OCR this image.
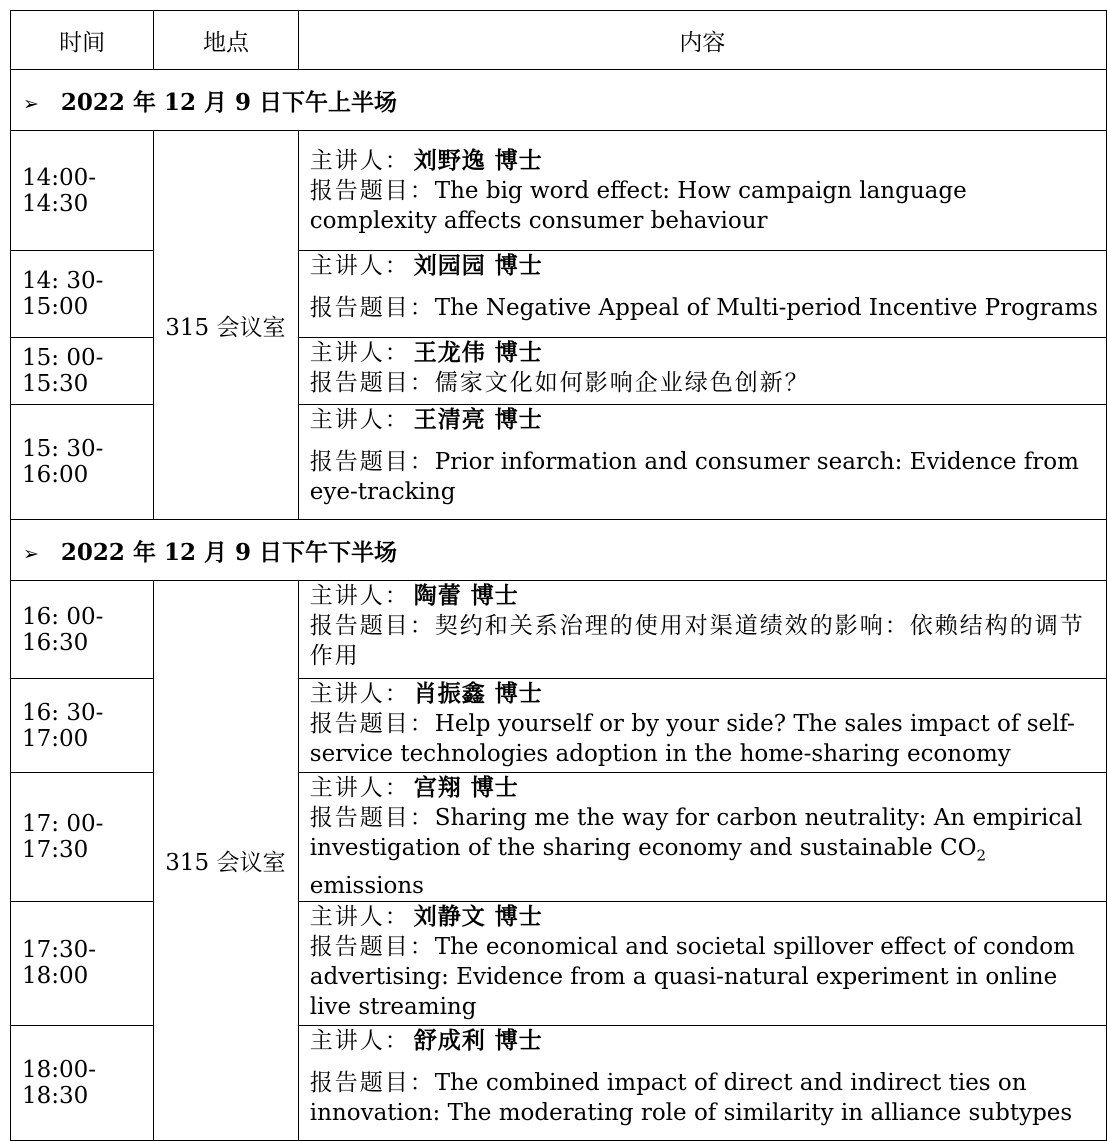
时间	地点	内容
➢ 2022 年 12 月 9 日下午上半场		
14:00-14:30	315 会议室	主讲人： 刘野逸 博士
报告题目：The big word effect: How campaign language complexity affects consumer behaviour

14: 30-15:00		主讲人： 刘园园 博士
报告题目：The Negative Appeal of Multi-period Incentive Programs

15: 00-15:30		主讲人： 王龙伟 博士
报告题目：儒家文化如何影响企业绿色创新？

15: 30-16:00		主讲人： 王清亮 博士
报告题目：Prior information and consumer search: Evidence from eye-tracking

➢ 2022 年 12 月 9 日下午下半场		
16: 00-16:30	315 会议室	主讲人： 陶蕾 博士
报告题目：契约和关系治理的使用对渠道绩效的影响：依赖结构的调节作用

16: 30-17:00		主讲人： 肖振鑫 博士
报告题目：Help yourself or by your side? The sales impact of self-service technologies adoption in the home-sharing economy

17: 00-17:30		主讲人： 宫翔 博士
报告题目：Sharing me the way for carbon neutrality: An empirical investigation of the sharing economy and sustainable $CO_2$ emissions

17:30-18:00		主讲人： 刘静文 博士
报告题目：The economical and societal spillover effect of condom advertising: Evidence from a quasi-natural experiment in online live streaming

18:00-18:30		主讲人： 舒成利 博士
报告题目：The combined impact of direct and indirect ties on innovation: The moderating role of similarity in alliance subtypes
